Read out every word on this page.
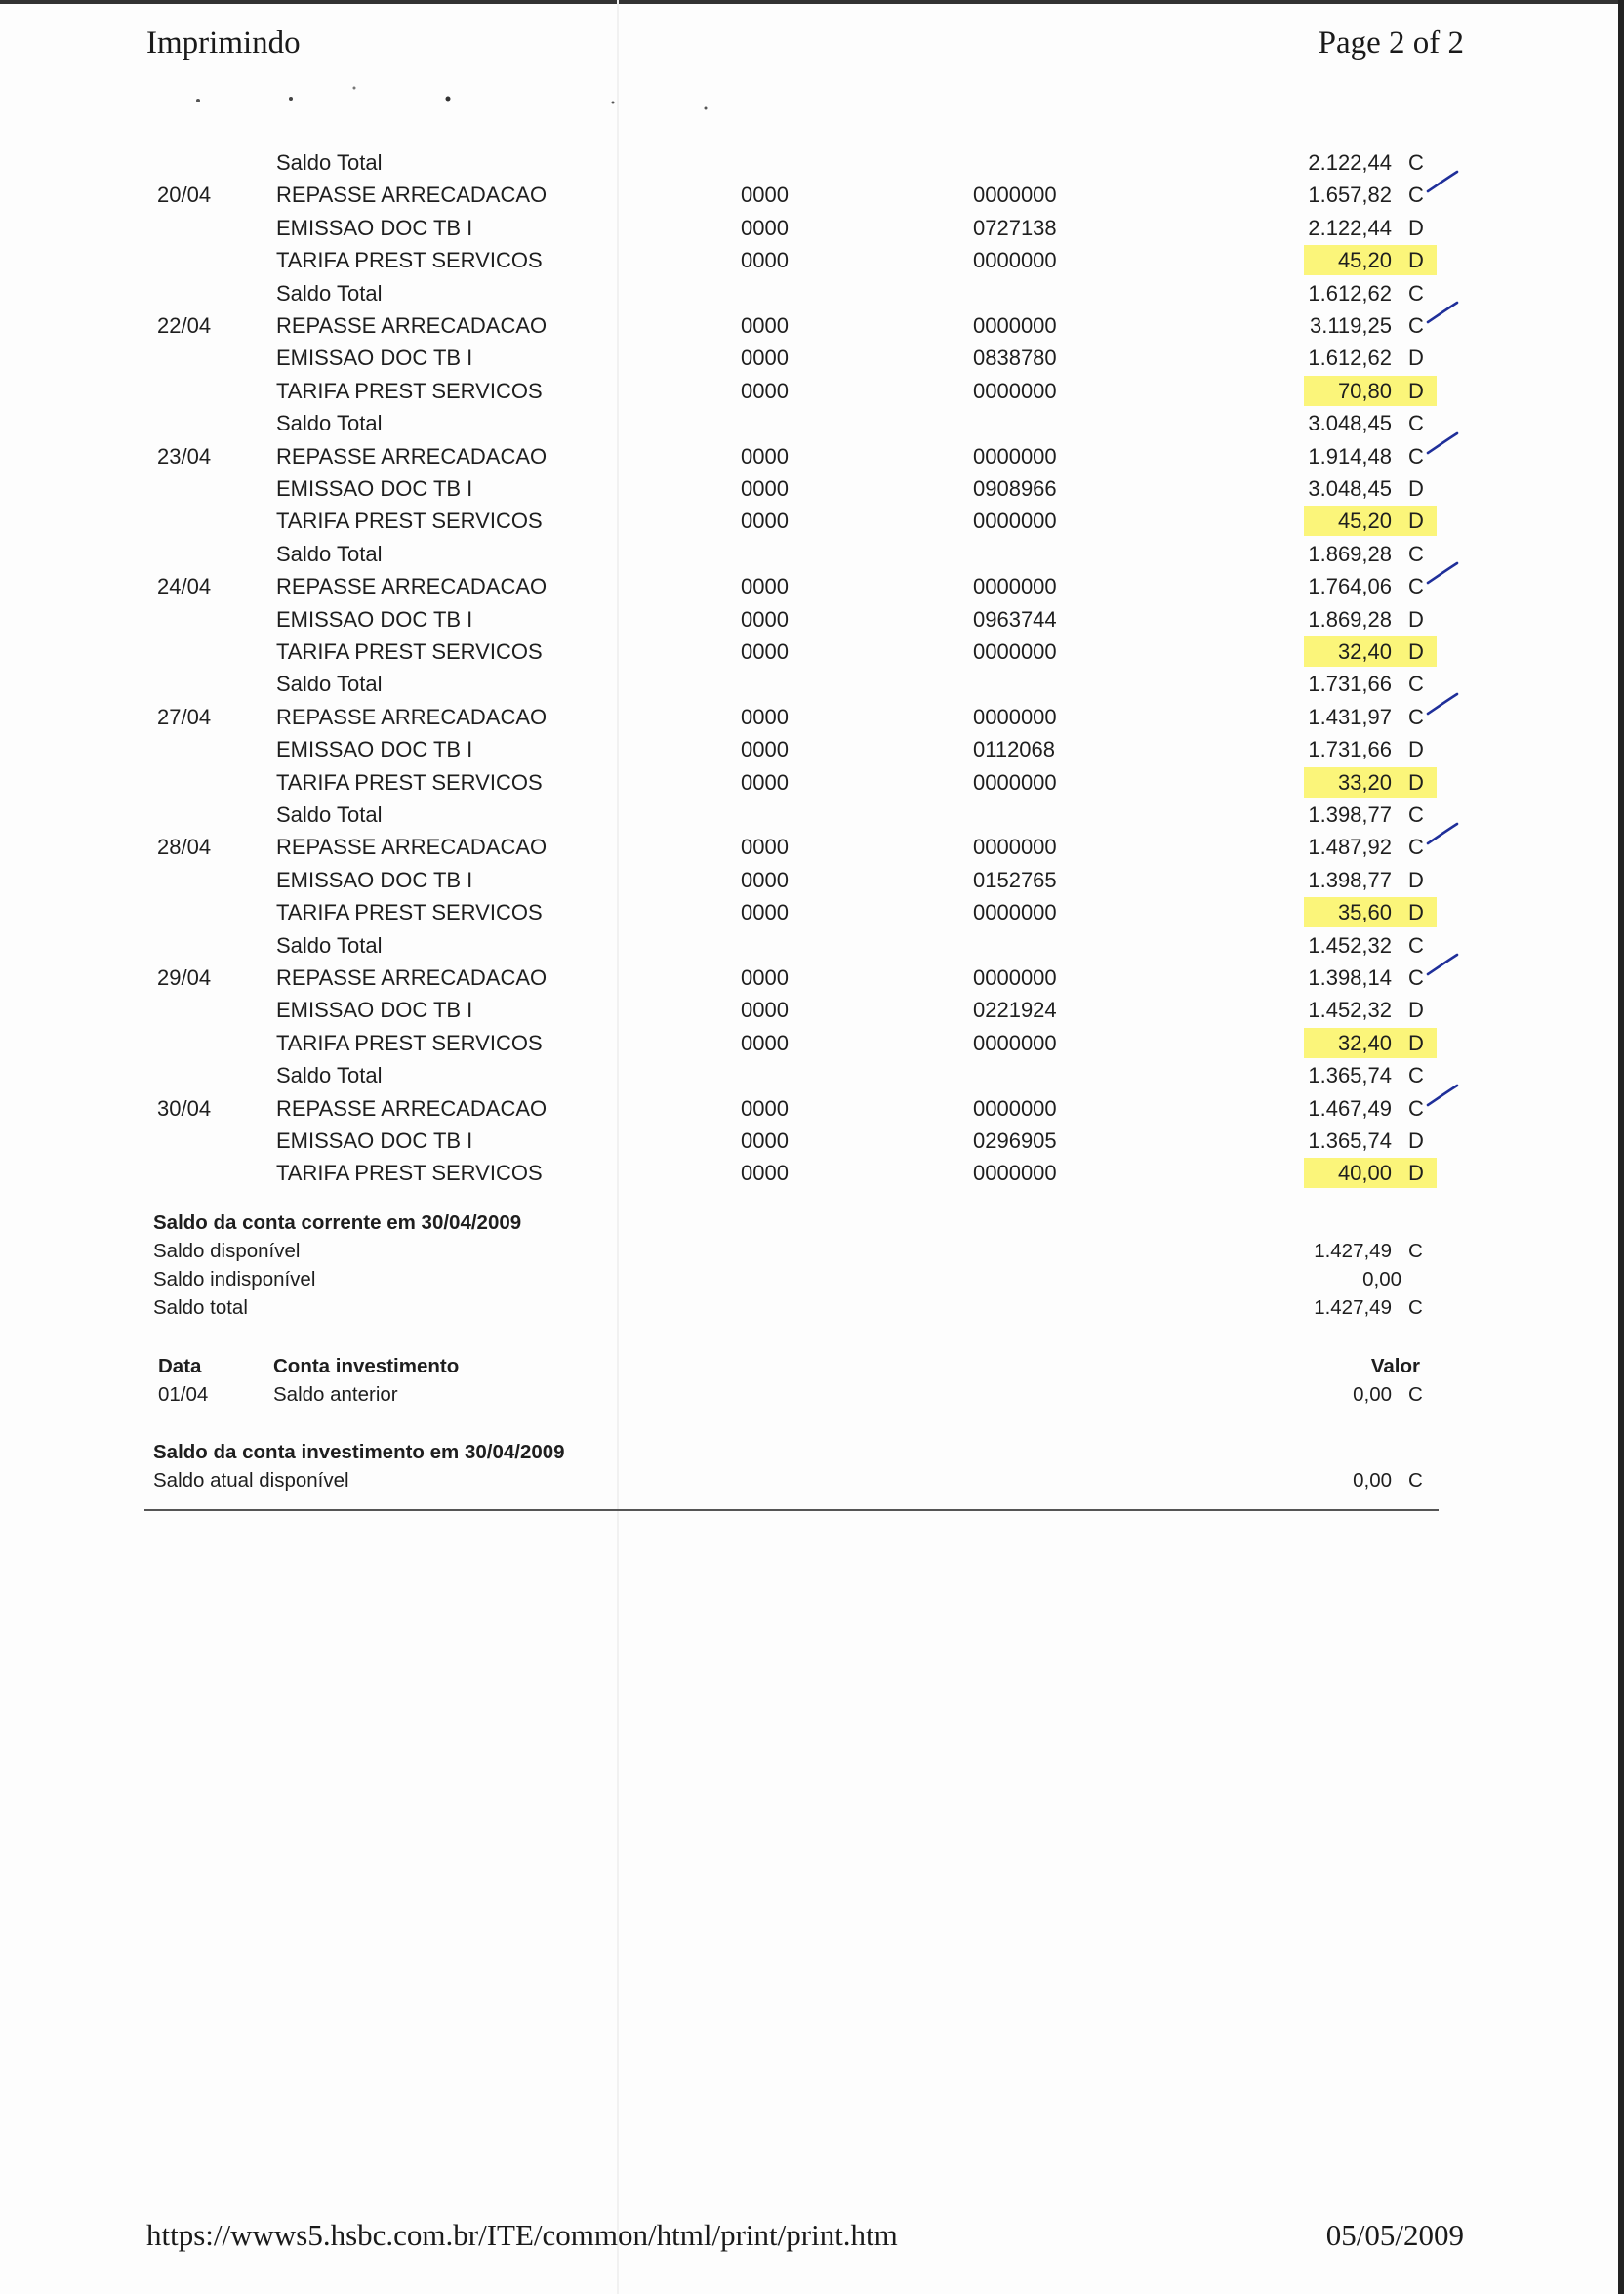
Imprimindo	Page 2 of 2
Saldo Total	2.122,44 C
20/04	REPASSE ARRECADACAO	0000	0000000	1.657,82 C
EMISSAO DOC TB I	0000	0727138	2.122,44 D
TARIFA PREST SERVICOS	0000	0000000	45,20 D
Saldo Total	1.612,62 C
22/04	REPASSE ARRECADACAO	0000	0000000	3.119,25 C
EMISSAO DOC TB I	0000	0838780	1.612,62 D
TARIFA PREST SERVICOS	0000	0000000	70,80 D
Saldo Total	3.048,45 C
23/04	REPASSE ARRECADACAO	0000	0000000	1.914,48 C
EMISSAO DOC TB I	0000	0908966	3.048,45 D
TARIFA PREST SERVICOS	0000	0000000	45,20 D
Saldo Total	1.869,28 C
24/04	REPASSE ARRECADACAO	0000	0000000	1.764,06 C
EMISSAO DOC TB I	0000	0963744	1.869,28 D
TARIFA PREST SERVICOS	0000	0000000	32,40 D
Saldo Total	1.731,66 C
27/04	REPASSE ARRECADACAO	0000	0000000	1.431,97 C
EMISSAO DOC TB I	0000	0112068	1.731,66 D
TARIFA PREST SERVICOS	0000	0000000	33,20 D
Saldo Total	1.398,77 C
28/04	REPASSE ARRECADACAO	0000	0000000	1.487,92 C
EMISSAO DOC TB I	0000	0152765	1.398,77 D
TARIFA PREST SERVICOS	0000	0000000	35,60 D
Saldo Total	1.452,32 C
29/04	REPASSE ARRECADACAO	0000	0000000	1.398,14 C
EMISSAO DOC TB I	0000	0221924	1.452,32 D
TARIFA PREST SERVICOS	0000	0000000	32,40 D
Saldo Total	1.365,74 C
30/04	REPASSE ARRECADACAO	0000	0000000	1.467,49 C
EMISSAO DOC TB I	0000	0296905	1.365,74 D
TARIFA PREST SERVICOS	0000	0000000	40,00 D
Saldo da conta corrente em 30/04/2009
Saldo disponível	1.427,49 C
Saldo indisponível	0,00
Saldo total	1.427,49 C
Data	Conta investimento	Valor
01/04	Saldo anterior	0,00 C
Saldo da conta investimento em 30/04/2009
Saldo atual disponível	0,00 C
https://wwws5.hsbc.com.br/ITE/common/html/print/print.htm	05/05/2009
